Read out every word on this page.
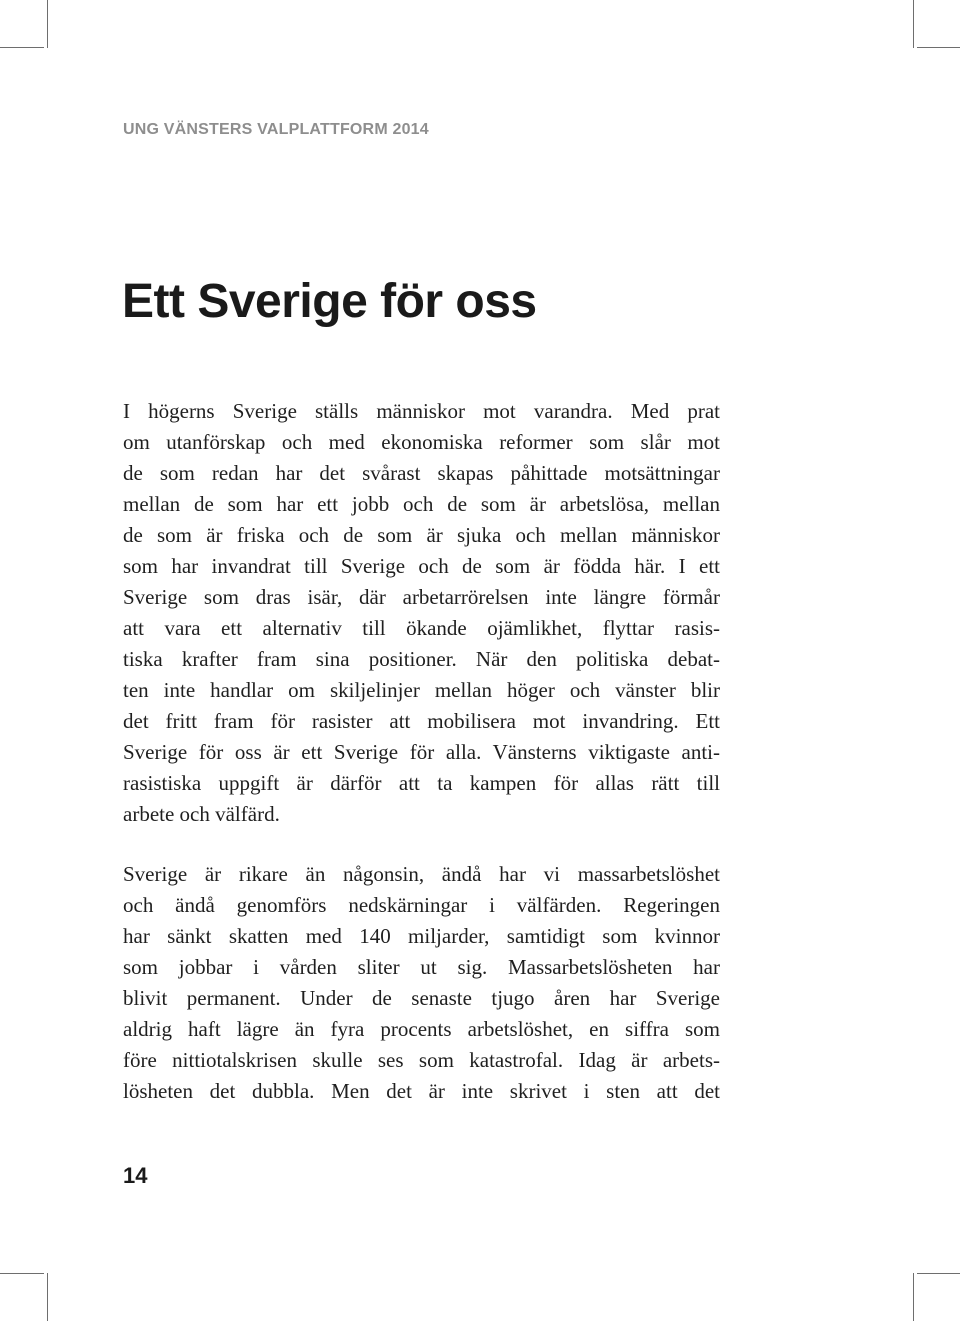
UNG VÄNSTERS VALPLATTFORM 2014

Ett Sverige för oss
I högerns Sverige ställs människor mot varandra. Med prat
om utanförskap och med ekonomiska reformer som slår mot
de som redan har det svårast skapas påhittade motsättningar
mellan de som har ett jobb och de som är arbetslösa, mellan
de som är friska och de som är sjuka och mellan människor
som har invandrat till Sverige och de som är födda här. I ett
Sverige som dras isär, där arbetarrörelsen inte längre förmår
att vara ett alternativ till ökande ojämlikhet, flyttar rasis-
tiska krafter fram sina positioner. När den politiska debat-
ten inte handlar om skiljelinjer mellan höger och vänster blir
det fritt fram för rasister att mobilisera mot invandring. Ett
Sverige för oss är ett Sverige för alla. Vänsterns viktigaste anti-
rasistiska uppgift är därför att ta kampen för allas rätt till
arbete och välfärd.
Sverige är rikare än någonsin, ändå har vi massarbetslöshet
och ändå genomförs nedskärningar i välfärden. Regeringen
har sänkt skatten med 140 miljarder, samtidigt som kvinnor
som jobbar i vården sliter ut sig. Massarbetslösheten har
blivit permanent. Under de senaste tjugo åren har Sverige
aldrig haft lägre än fyra procents arbetslöshet, en siffra som
före nittiotalskrisen skulle ses som katastrofal. Idag är arbets-
lösheten det dubbla. Men det är inte skrivet i sten att det

14
